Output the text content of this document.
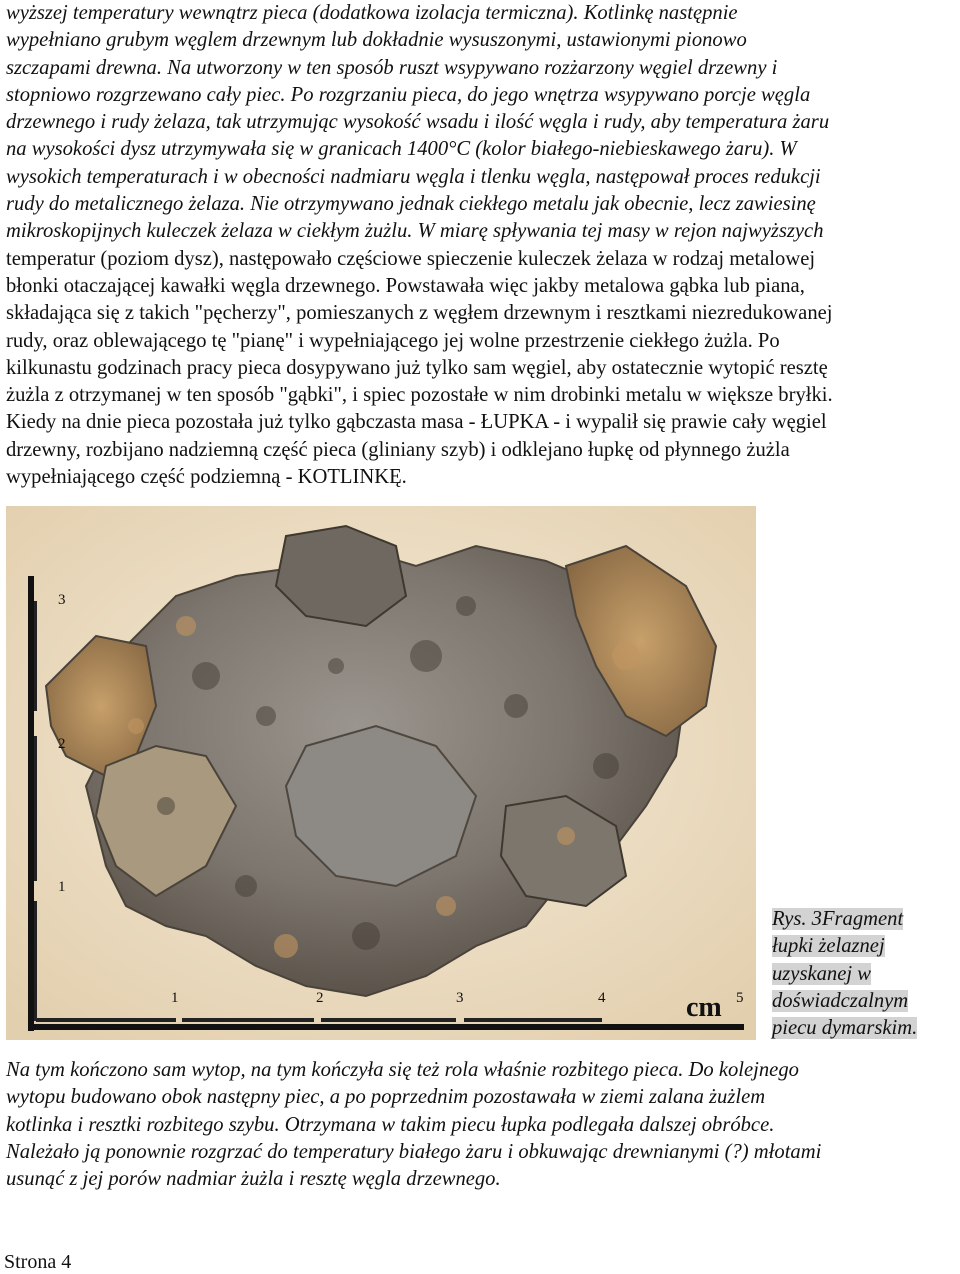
wyższej temperatury wewnątrz pieca (dodatkowa izolacja termiczna). Kotlinkę następnie
wypełniano grubym węglem drzewnym lub dokładnie wysuszonymi, ustawionymi pionowo
szczapami drewna. Na utworzony w ten sposób ruszt wsypywano rozżarzony węgiel drzewny i
stopniowo rozgrzewano cały piec. Po rozgrzaniu pieca, do jego wnętrza wsypywano porcje węgla
drzewnego i rudy żelaza, tak utrzymując wysokość wsadu i ilość węgla i rudy, aby temperatura żaru
na wysokości dysz utrzymywała się w granicach 1400°C (kolor białego-niebieskawego żaru). W
wysokich temperaturach i w obecności nadmiaru węgla i tlenku węgla, następował proces redukcji
rudy do metalicznego żelaza. Nie otrzymywano jednak ciekłego metalu jak obecnie, lecz zawiesinę
mikroskopijnych kuleczek żelaza w ciekłym żużlu. W miarę spływania tej masy w rejon najwyższych
temperatur (poziom dysz), następowało częściowe spieczenie kuleczek żelaza w rodzaj metalowej
błonki otaczającej kawałki węgla drzewnego. Powstawała więc jakby metalowa gąbka lub piana,
składająca się z takich "pęcherzy", pomieszanych z węgłem drzewnym i resztkami niezredukowanej
rudy, oraz oblewającego tę "pianę" i wypełniającego jej wolne przestrzenie ciekłego żużla. Po
kilkunastu godzinach pracy pieca dosypywano już tylko sam węgiel, aby ostatecznie wytopić resztę
żużla z otrzymanej w ten sposób "gąbki", i spiec pozostałe w nim drobinki metalu w większe bryłki.
Kiedy na dnie pieca pozostała już tylko gąbczasta masa - ŁUPKA - i wypalił się prawie cały węgiel
drzewny, rozbijano nadziemną część pieca (gliniany szyb) i odklejano łupkę od płynnego żużla
wypełniającego część podziemną - KOTLINKĘ.
3
2
1
1	2	3	4	5
cm
Rys. 3Fragment
łupki żelaznej
uzyskanej w
doświadczalnym
piecu dymarskim.
Na tym kończono sam wytop, na tym kończyła się też rola właśnie rozbitego pieca. Do kolejnego
wytopu budowano obok następny piec, a po poprzednim pozostawała w ziemi zalana żużlem
kotlinka i resztki rozbitego szybu. Otrzymana w takim piecu łupka podlegała dalszej obróbce.
Należało ją ponownie rozgrzać do temperatury białego żaru i obkuwając drewnianymi (?) młotami
usunąć z jej porów nadmiar żużla i resztę węgla drzewnego.
Strona 4
